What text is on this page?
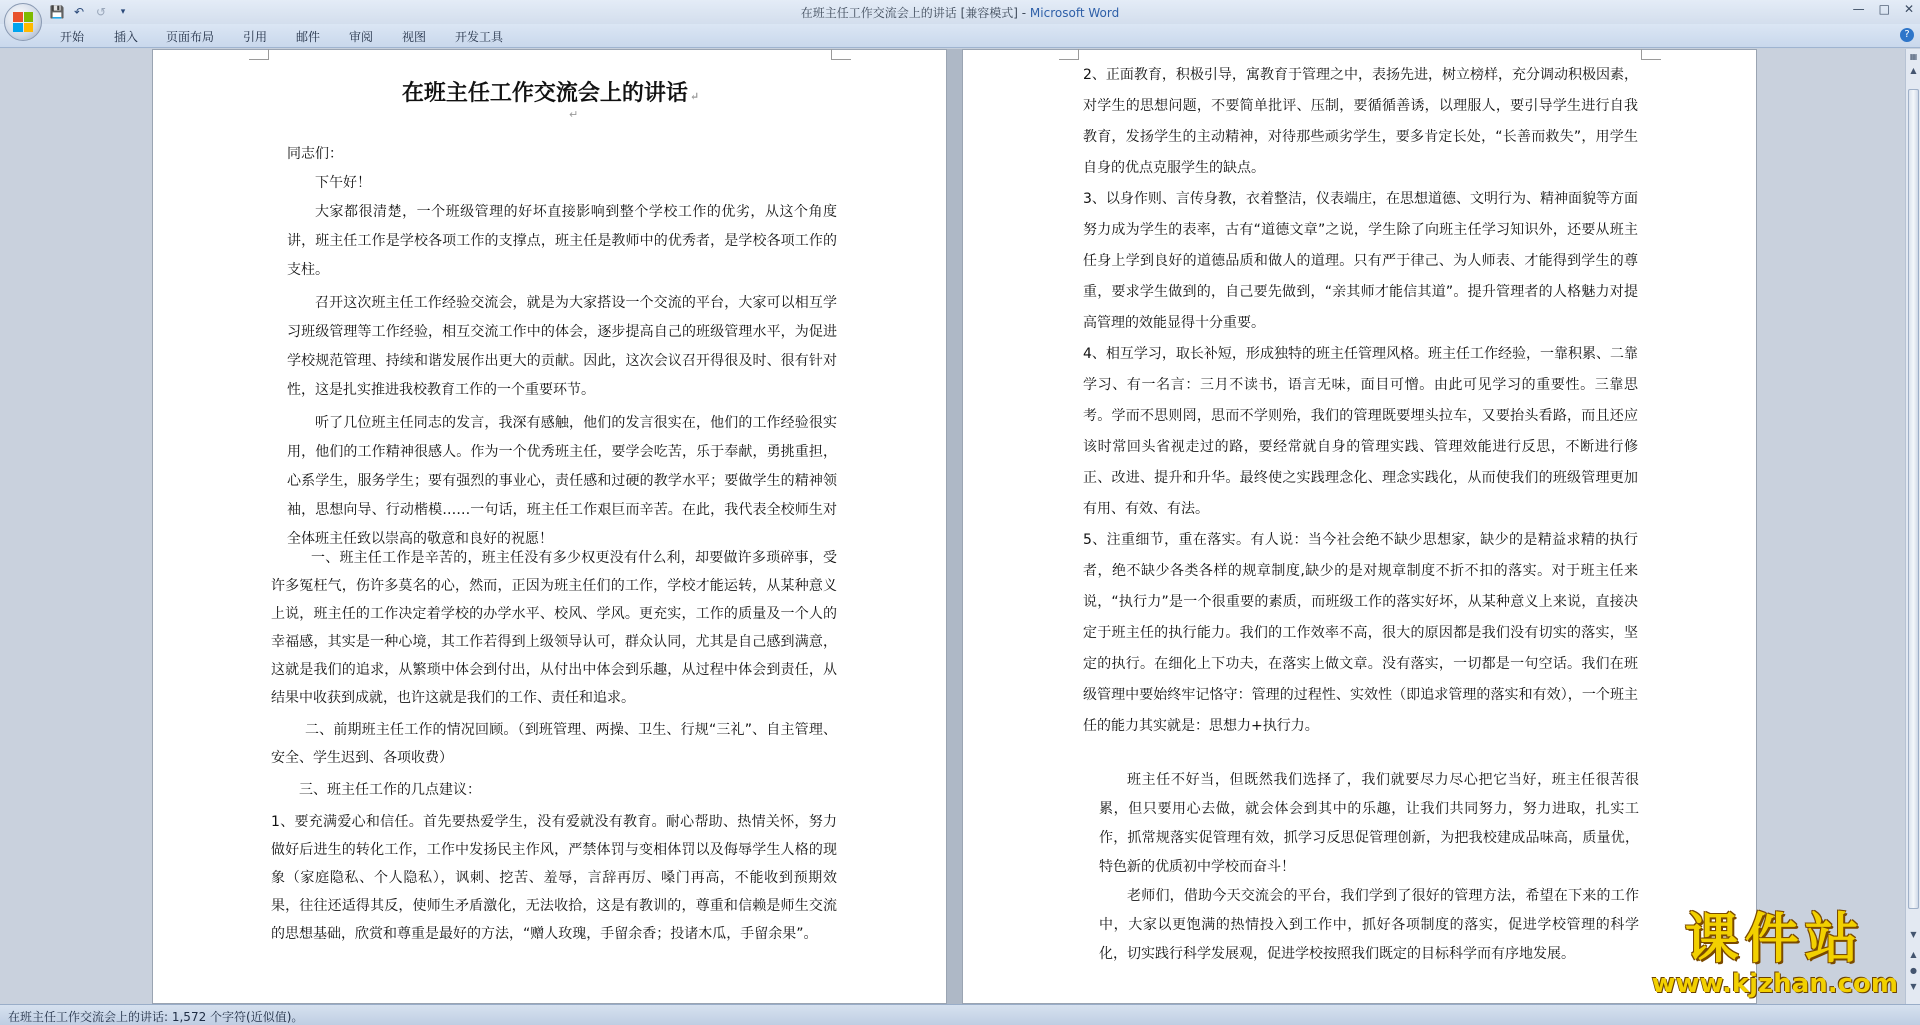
💾 ↶ ↺	▾	在班主任工作交流会上的讲话 [兼容模式] - Microsoft Word	— □ ✕
开始 插入 页面布局 引用 邮件 审阅 视图 开发工具	?
在班主任工作交流会上的讲话 ↵
↵

同志们：

下午好！

大家都很清楚，一个班级管理的好坏直接影响到整个学校工作的优劣，从这个角度讲，班主任工作是学校各项工作的支撑点，班主任是教师中的优秀者，是学校各项工作的支柱。

召开这次班主任工作经验交流会，就是为大家搭设一个交流的平台，大家可以相互学习班级管理等工作经验，相互交流工作中的体会，逐步提高自己的班级管理水平，为促进学校规范管理、持续和谐发展作出更大的贡献。因此，这次会议召开得很及时、很有针对性，这是扎实推进我校教育工作的一个重要环节。

听了几位班主任同志的发言，我深有感触，他们的发言很实在，他们的工作经验很实用，他们的工作精神很感人。作为一个优秀班主任，要学会吃苦，乐于奉献，勇挑重担，心系学生，服务学生；要有强烈的事业心，责任感和过硬的教学水平；要做学生的精神领袖，思想向导、行动楷模……一句话，班主任工作艰巨而辛苦。在此，我代表全校师生对全体班主任致以崇高的敬意和良好的祝愿！

一、班主任工作是辛苦的，班主任没有多少权更没有什么利，却要做许多琐碎事，受许多冤枉气，伤许多莫名的心，然而，正因为班主任们的工作，学校才能运转，从某种意义上说，班主任的工作决定着学校的办学水平、校风、学风。更充实，工作的质量及一个人的幸福感，其实是一种心境，其工作若得到上级领导认可，群众认同，尤其是自己感到满意，这就是我们的追求，从繁琐中体会到付出，从付出中体会到乐趣，从过程中体会到责任，从结果中收获到成就，也许这就是我们的工作、责任和追求。

二、前期班主任工作的情况回顾。（到班管理、两操、卫生、行规“三礼”、自主管理、安全、学生迟到、各项收费）

三、班主任工作的几点建议：

1、要充满爱心和信任。首先要热爱学生，没有爱就没有教育。耐心帮助、热情关怀，努力做好后进生的转化工作，工作中发扬民主作风，严禁体罚与变相体罚以及侮辱学生人格的现象（家庭隐私、个人隐私），讽刺、挖苦、羞辱，言辞再厉、嗓门再高，不能收到预期效果，往往还适得其反，使师生矛盾激化，无法收拾，这是有教训的，尊重和信赖是师生交流的思想基础，欣赏和尊重是最好的方法，“赠人玫瑰，手留余香；投诸木瓜，手留余果”。

2、正面教育，积极引导，寓教育于管理之中，表扬先进，树立榜样，充分调动积极因素，对学生的思想问题，不要简单批评、压制，要循循善诱，以理服人，要引导学生进行自我教育，发扬学生的主动精神，对待那些顽劣学生，要多肯定长处，“长善而救失”，用学生自身的优点克服学生的缺点。

3、以身作则、言传身教，衣着整洁，仪表端庄，在思想道德、文明行为、精神面貌等方面努力成为学生的表率，古有“道德文章”之说，学生除了向班主任学习知识外，还要从班主任身上学到良好的道德品质和做人的道理。只有严于律己、为人师表、才能得到学生的尊重，要求学生做到的，自己要先做到，“亲其师才能信其道”。提升管理者的人格魅力对提高管理的效能显得十分重要。

4、相互学习，取长补短，形成独特的班主任管理风格。班主任工作经验，一靠积累、二靠学习、有一名言：三月不读书，语言无味，面目可憎。由此可见学习的重要性。三靠思考。学而不思则罔，思而不学则殆，我们的管理既要埋头拉车，又要抬头看路，而且还应该时常回头省视走过的路，要经常就自身的管理实践、管理效能进行反思，不断进行修正、改进、提升和升华。最终使之实践理念化、理念实践化，从而使我们的班级管理更加有用、有效、有法。

5、注重细节，重在落实。有人说：当今社会绝不缺少思想家，缺少的是精益求精的执行者，绝不缺少各类各样的规章制度,缺少的是对规章制度不折不扣的落实。对于班主任来说，“执行力”是一个很重要的素质，而班级工作的落实好坏，从某种意义上来说，直接决定于班主任的执行能力。我们的工作效率不高，很大的原因都是我们没有切实的落实，坚定的执行。在细化上下功夫，在落实上做文章。没有落实，一切都是一句空话。我们在班级管理中要始终牢记恪守：管理的过程性、实效性（即追求管理的落实和有效），一个班主任的能力其实就是：思想力+执行力。

班主任不好当，但既然我们选择了，我们就要尽力尽心把它当好，班主任很苦很累，但只要用心去做，就会体会到其中的乐趣，让我们共同努力，努力进取，扎实工作，抓常规落实促管理有效，抓学习反思促管理创新，为把我校建成品味高，质量优，特色新的优质初中学校而奋斗！

老师们，借助今天交流会的平台，我们学到了很好的管理方法，希望在下来的工作中，大家以更饱满的热情投入到工作中，抓好各项制度的落实，促进学校管理的科学化，切实践行科学发展观，促进学校按照我们既定的目标科学而有序地发展。

▦
▲
▼
▲
●
▼
在班主任工作交流会上的讲话: 1,572 个字符(近似值)。
课件站
www.kjzhan.com
